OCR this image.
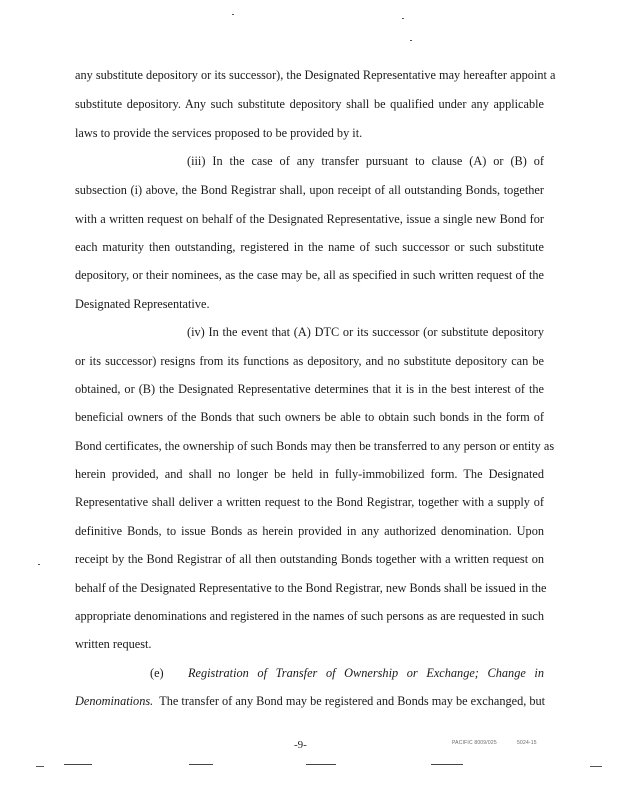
any substitute depository or its successor), the Designated Representative may hereafter appoint a
substitute depository. Any such substitute depository shall be qualified under any applicable
laws to provide the services proposed to be provided by it.
(iii) In the case of any transfer pursuant to clause (A) or (B) of
subsection (i) above, the Bond Registrar shall, upon receipt of all outstanding Bonds, together
with a written request on behalf of the Designated Representative, issue a single new Bond for
each maturity then outstanding, registered in the name of such successor or such substitute
depository, or their nominees, as the case may be, all as specified in such written request of the
Designated Representative.
(iv) In the event that (A) DTC or its successor (or substitute depository
or its successor) resigns from its functions as depository, and no substitute depository can be
obtained, or (B) the Designated Representative determines that it is in the best interest of the
beneficial owners of the Bonds that such owners be able to obtain such bonds in the form of
Bond certificates, the ownership of such Bonds may then be transferred to any person or entity as
herein provided, and shall no longer be held in fully-immobilized form. The Designated
Representative shall deliver a written request to the Bond Registrar, together with a supply of
definitive Bonds, to issue Bonds as herein provided in any authorized denomination. Upon
receipt by the Bond Registrar of all then outstanding Bonds together with a written request on
behalf of the Designated Representative to the Bond Registrar, new Bonds shall be issued in the
appropriate denominations and registered in the names of such persons as are requested in such
written request.
(e) Registration of Transfer of Ownership or Exchange; Change in
Denominations. The transfer of any Bond may be registered and Bonds may be exchanged, but
-9-	PACIFIC 8009/025	5024-15
